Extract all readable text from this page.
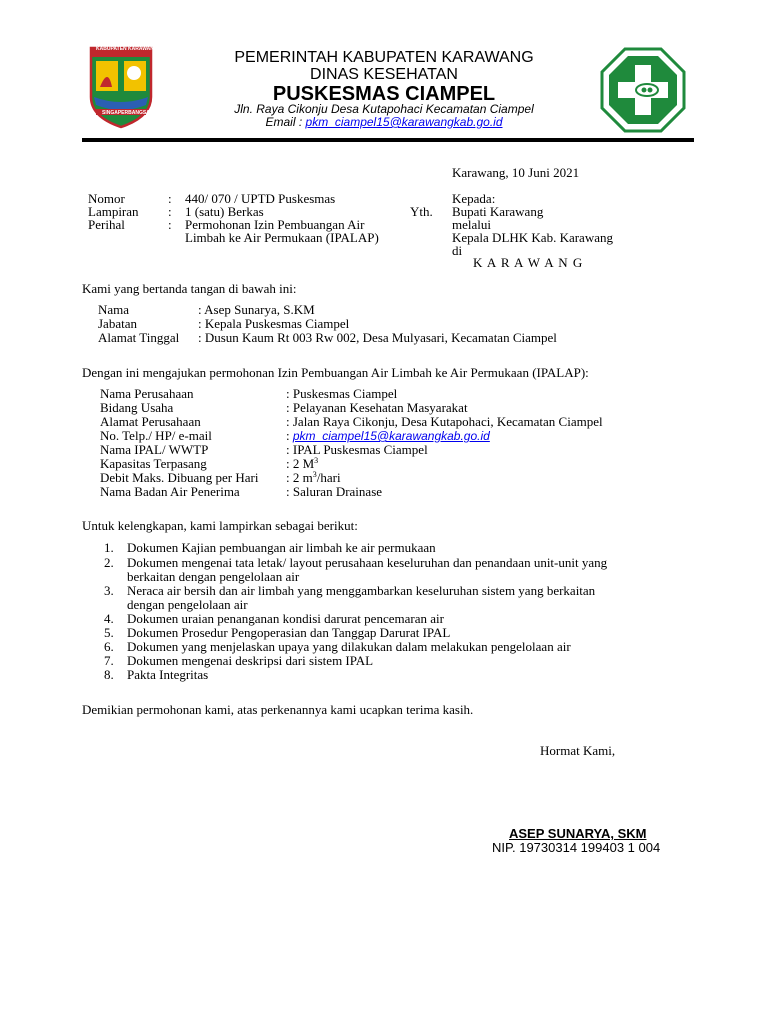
KABUPATEN KARAWANG
SINGAPERBANGSA
PEMERINTAH KABUPATEN KARAWANG
DINAS KESEHATAN
PUSKESMAS CIAMPEL
Jln. Raya Cikonju Desa Kutapohaci Kecamatan Ciampel
Email : pkm_ciampel15@karawangkab.go.id
Karawang, 10 Juni 2021
Nomor	: 440/ 070 / UPTD Puskesmas
Lampiran : 1 (satu) Berkas
Perihal	: Permohonan Izin Pembuangan Air
Limbah ke Air Permukaan (IPALAP)
Kepada:
Yth. Bupati Karawang
melalui
Kepala DLHK Kab. Karawang
di
K A R A W A N G
Kami yang bertanda tangan di bawah ini:
Nama	: Asep Sunarya, S.KM
Jabatan	: Kepala Puskesmas Ciampel
Alamat Tinggal : Dusun Kaum Rt 003 Rw 002, Desa Mulyasari, Kecamatan Ciampel
Dengan ini mengajukan permohonan Izin Pembuangan Air Limbah ke Air Permukaan (IPALAP):
Nama Perusahaan	: Puskesmas Ciampel
Bidang Usaha	: Pelayanan Kesehatan Masyarakat
Alamat Perusahaan	: Jalan Raya Cikonju, Desa Kutapohaci, Kecamatan Ciampel
No. Telp./ HP/ e-mail	: pkm_ciampel15@karawangkab.go.id
Nama IPAL/ WWTP	: IPAL Puskesmas Ciampel
Kapasitas Terpasang	: 2 $M^3$
Debit Maks. Dibuang per Hari : 2 $m^3$/hari
Nama Badan Air Penerima	: Saluran Drainase
Untuk kelengkapan, kami lampirkan sebagai berikut:
1. Dokumen Kajian pembuangan air limbah ke air permukaan
2. Dokumen mengenai tata letak/ layout perusahaan keseluruhan dan penandaan unit-unit yang
berkaitan dengan pengelolaan air
3. Neraca air bersih dan air limbah yang menggambarkan keseluruhan sistem yang berkaitan
dengan pengelolaan air
4. Dokumen uraian penanganan kondisi darurat pencemaran air
5. Dokumen Prosedur Pengoperasian dan Tanggap Darurat IPAL
6. Dokumen yang menjelaskan upaya yang dilakukan dalam melakukan pengelolaan air
7. Dokumen mengenai deskripsi dari sistem IPAL
8. Pakta Integritas
Demikian permohonan kami, atas perkenannya kami ucapkan terima kasih.
Hormat Kami,
ASEP SUNARYA, SKM
NIP. 19730314 199403 1 004
